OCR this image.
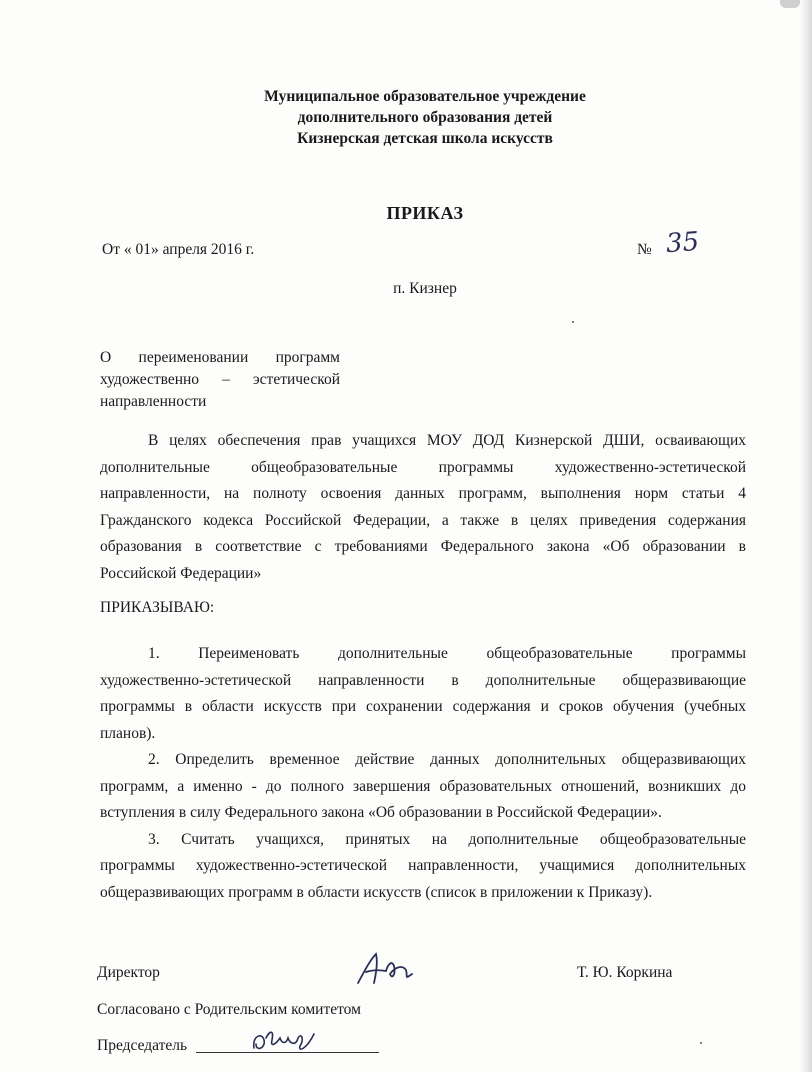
Муниципальное образовательное учреждение
дополнительного образования детей
Кизнерская детская школа искусств
ПРИКАЗ
От « 01» апреля 2016 г.	№ 35
п. Кизнер
О переименовании программ
художественно – эстетической
направленности
В целях обеспечения прав учащихся МОУ ДОД Кизнерской ДШИ, осваивающих
дополнительные общеобразовательные программы художественно-эстетической
направленности, на полноту освоения данных программ, выполнения норм статьи 4
Гражданского кодекса Российской Федерации, а также в целях приведения содержания
образования в соответствие с требованиями Федерального закона «Об образовании в
Российской Федерации»
ПРИКАЗЫВАЮ:
1. Переименовать дополнительные общеобразовательные программы
художественно-эстетической направленности в дополнительные общеразвивающие
программы в области искусств при сохранении содержания и сроков обучения (учебных
планов).
2. Определить временное действие данных дополнительных общеразвивающих
программ, а именно - до полного завершения образовательных отношений, возникших до
вступления в силу Федерального закона «Об образовании в Российской Федерации».
3. Считать учащихся, принятых на дополнительные общеобразовательные
программы художественно-эстетической направленности, учащимися дополнительных
общеразвивающих программ в области искусств (список в приложении к Приказу).
Директор	Т. Ю. Коркина
Согласовано с Родительским комитетом
Председатель
